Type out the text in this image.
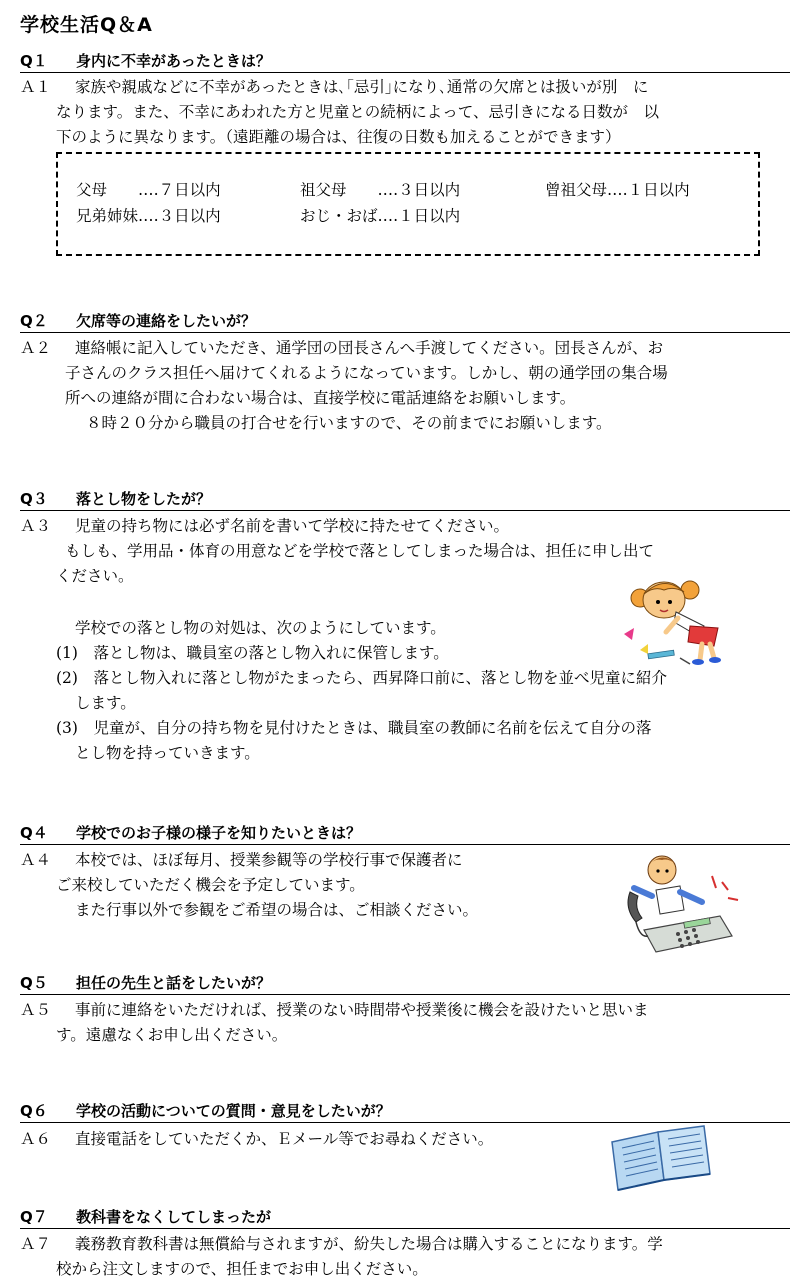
学校生活Q＆A
Q１ 身内に不幸があったときは？
Ａ１ 家族や親戚などに不幸があったときは､｢忌引｣になり､通常の欠席とは扱いが別　に
なります。また、不幸にあわれた方と児童との続柄によって、忌引きになる日数が　以
下のように異なります。（遠距離の場合は、往復の日数も加えることができます）
父母　　‥‥７日以内	祖父母　　‥‥３日以内	曾祖父母‥‥１日以内
兄弟姉妹‥‥３日以内	おじ・おば‥‥１日以内
Q２ 欠席等の連絡をしたいが？
Ａ２ 連絡帳に記入していただき、通学団の団長さんへ手渡してください。団長さんが、お
子さんのクラス担任へ届けてくれるようになっています。しかし、朝の通学団の集合場
所への連絡が間に合わない場合は、直接学校に電話連絡をお願いします。
８時２０分から職員の打合せを行いますので、その前までにお願いします。
Q３ 落とし物をしたが？
Ａ３ 児童の持ち物には必ず名前を書いて学校に持たせてください。
もしも、学用品・体育の用意などを学校で落としてしまった場合は、担任に申し出て
ください。
学校での落とし物の対処は、次のようにしています。
(1)　落とし物は、職員室の落とし物入れに保管します。
(2)　落とし物入れに落とし物がたまったら、西昇降口前に、落とし物を並べ児童に紹介
します。
(3)　児童が、自分の持ち物を見付けたときは、職員室の教師に名前を伝えて自分の落
とし物を持っていきます。
Q４ 学校でのお子様の様子を知りたいときは？
Ａ４ 本校では、ほぼ毎月、授業参観等の学校行事で保護者に
ご来校していただく機会を予定しています。
また行事以外で参観をご希望の場合は、ご相談ください。
Q５ 担任の先生と話をしたいが？
Ａ５ 事前に連絡をいただければ、授業のない時間帯や授業後に機会を設けたいと思いま
す。遠慮なくお申し出ください。
Q６ 学校の活動についての質問・意見をしたいが？
Ａ６ 直接電話をしていただくか、Ｅメール等でお尋ねください。
Q７ 教科書をなくしてしまったが
Ａ７ 義務教育教科書は無償給与されますが、紛失した場合は購入することになります。学
校から注文しますので、担任までお申し出ください。
